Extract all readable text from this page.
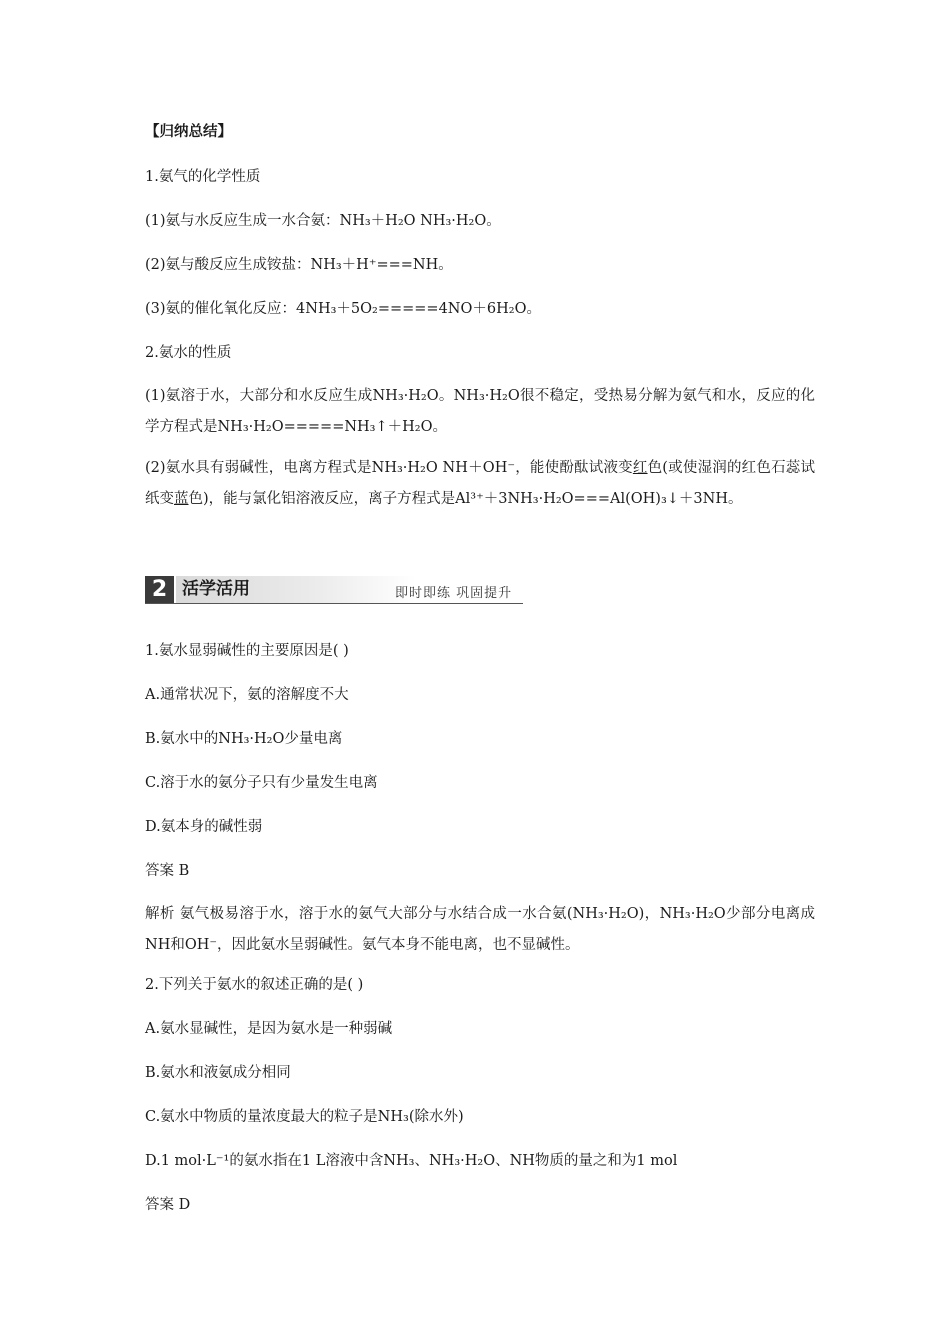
【归纳总结】
1.氨气的化学性质
(1)氨与水反应生成一水合氨：NH₃＋H₂O NH₃·H₂O。
(2)氨与酸反应生成铵盐：NH₃＋H⁺===NH。
(3)氨的催化氧化反应：4NH₃＋5O₂=====4NO＋6H₂O。
2.氨水的性质
(1)氨溶于水，大部分和水反应生成NH₃·H₂O。NH₃·H₂O很不稳定，受热易分解为氨气和水，反应的化学方程式是NH₃·H₂O=====NH₃↑＋H₂O。
(2)氨水具有弱碱性，电离方程式是NH₃·H₂O NH＋OH⁻，能使酚酞试液变红色(或使湿润的红色石蕊试纸变蓝色)，能与氯化铝溶液反应，离子方程式是Al³⁺＋3NH₃·H₂O===Al(OH)₃↓＋3NH。
2 活学活用	即时即练 巩固提升
1.氨水显弱碱性的主要原因是( )
A.通常状况下，氨的溶解度不大
B.氨水中的NH₃·H₂O少量电离
C.溶于水的氨分子只有少量发生电离
D.氨本身的碱性弱
答案 B
解析 氨气极易溶于水，溶于水的氨气大部分与水结合成一水合氨(NH₃·H₂O)，NH₃·H₂O少部分电离成NH和OH⁻，因此氨水呈弱碱性。氨气本身不能电离，也不显碱性。
2.下列关于氨水的叙述正确的是( )
A.氨水显碱性，是因为氨水是一种弱碱
B.氨水和液氨成分相同
C.氨水中物质的量浓度最大的粒子是NH₃(除水外)
D.1 mol·L⁻¹的氨水指在1 L溶液中含NH₃、NH₃·H₂O、NH物质的量之和为1 mol
答案 D
